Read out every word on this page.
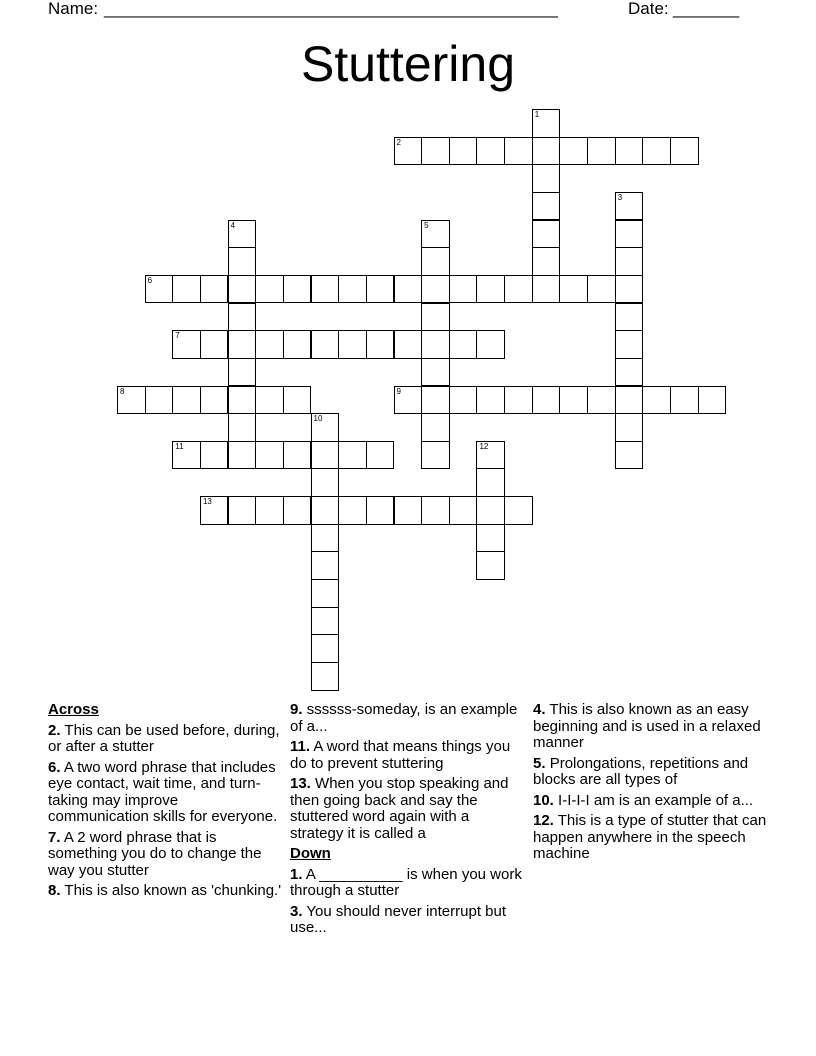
Name: ________________________________________________	Date: _______
Stuttering
1
2
3
4	5
6
7
8	9
10
11	12
13
Across
2. This can be used before, during, or after a stutter
6. A two word phrase that includes eye contact, wait time, and turn-taking may improve communication skills for everyone.
7. A 2 word phrase that is something you do to change the way you stutter
8. This is also known as 'chunking.'
9. ssssss-someday, is an example of a...
11. A word that means things you do to prevent stuttering
13. When you stop speaking and then going back and say the stuttered word again with a strategy it is called a
Down
1. A __________ is when you work through a stutter
3. You should never interrupt but use...
4. This is also known as an easy beginning and is used in a relaxed manner
5. Prolongations, repetitions and blocks are all types of
10. I-I-I-I am is an example of a...
12. This is a type of stutter that can happen anywhere in the speech machine
